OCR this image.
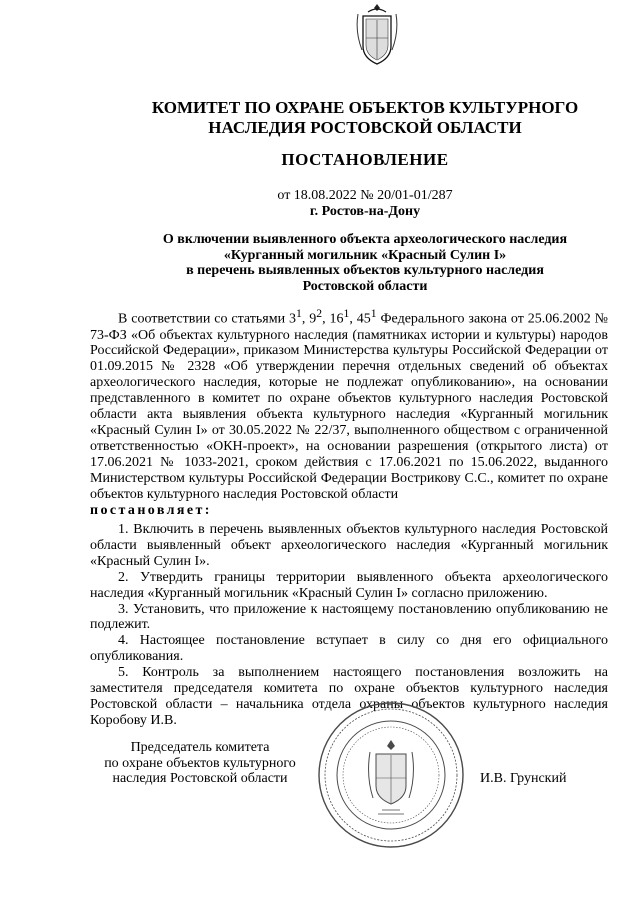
КОМИТЕТ ПО ОХРАНЕ ОБЪЕКТОВ КУЛЬТУРНОГО
НАСЛЕДИЯ РОСТОВСКОЙ ОБЛАСТИ
ПОСТАНОВЛЕНИЕ
от 18.08.2022 № 20/01-01/287
г. Ростов-на-Дону
О включении выявленного объекта археологического наследия
«Курганный могильник «Красный Сулин I»
в перечень выявленных объектов культурного наследия
Ростовской области

В соответствии со статьями $3^1$, $9^2$, $16^1$, $45^1$ Федерального закона от 25.06.2002 № 73-ФЗ «Об объектах культурного наследия (памятниках истории и культуры) народов Российской Федерации», приказом Министерства культуры Российской Федерации от 01.09.2015 № 2328 «Об утверждении перечня отдельных сведений об объектах археологического наследия, которые не подлежат опубликованию», на основании представленного в комитет по охране объектов культурного наследия Ростовской области акта выявления объекта культурного наследия «Курганный могильник «Красный Сулин I» от 30.05.2022 № 22/37, выполненного обществом с ограниченной ответственностью «ОКН-проект», на основании разрешения (открытого листа) от 17.06.2021 № 1033-2021, сроком действия с 17.06.2021 по 15.06.2022, выданного Министерством культуры Российской Федерации Вострикову С.С., комитет по охране объектов культурного наследия Ростовской области

постановляет:

1. Включить в перечень выявленных объектов культурного наследия Ростовской области выявленный объект археологического наследия «Курганный могильник «Красный Сулин I».

2. Утвердить границы территории выявленного объекта археологического наследия «Курганный могильник «Красный Сулин I» согласно приложению.

3. Установить, что приложение к настоящему постановлению опубликованию не подлежит.

4. Настоящее постановление вступает в силу со дня его официального опубликования.

5. Контроль за выполнением настоящего постановления возложить на заместителя председателя комитета по охране объектов культурного наследия Ростовской области – начальника отдела охраны объектов культурного наследия Коробову И.В.

Председатель комитета
по охране объектов культурного
наследия Ростовской области	И.В. Грунский
